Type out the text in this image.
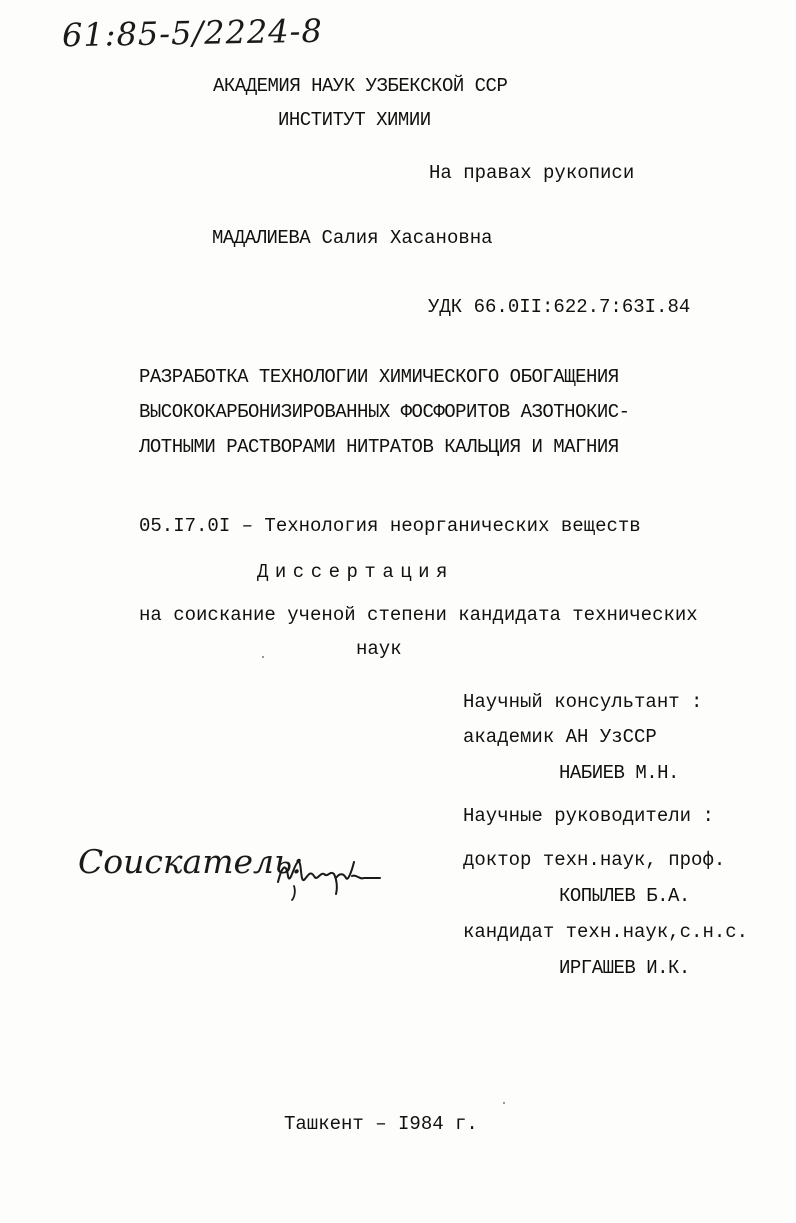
61:85-5/2224-8
АКАДЕМИЯ НАУК УЗБЕКСКОЙ ССР
ИНСТИТУТ ХИМИИ
На правах рукописи
МАДАЛИЕВА Салия Хасановна
УДК 66.0II:622.7:63I.84
РАЗРАБОТКА ТЕХНОЛОГИИ ХИМИЧЕСКОГО ОБОГАЩЕНИЯ
ВЫСОКОКАРБОНИЗИРОВАННЫХ ФОСФОРИТОВ АЗОТНОКИС-
ЛОТНЫМИ РАСТВОРАМИ НИТРАТОВ КАЛЬЦИЯ И МАГНИЯ
05.I7.0I – Технология неорганических веществ
Диссертация
на соискание ученой степени кандидата технических
наук
Научный консультант :
академик АН УзССР
НАБИЕВ М.Н.
Научные руководители :
доктор техн.наук, проф.
КОПЫЛЕВ Б.А.
кандидат техн.наук,с.н.с.
ИРГАШЕВ И.К.
Соискатель:
Ташкент – I984 г.
